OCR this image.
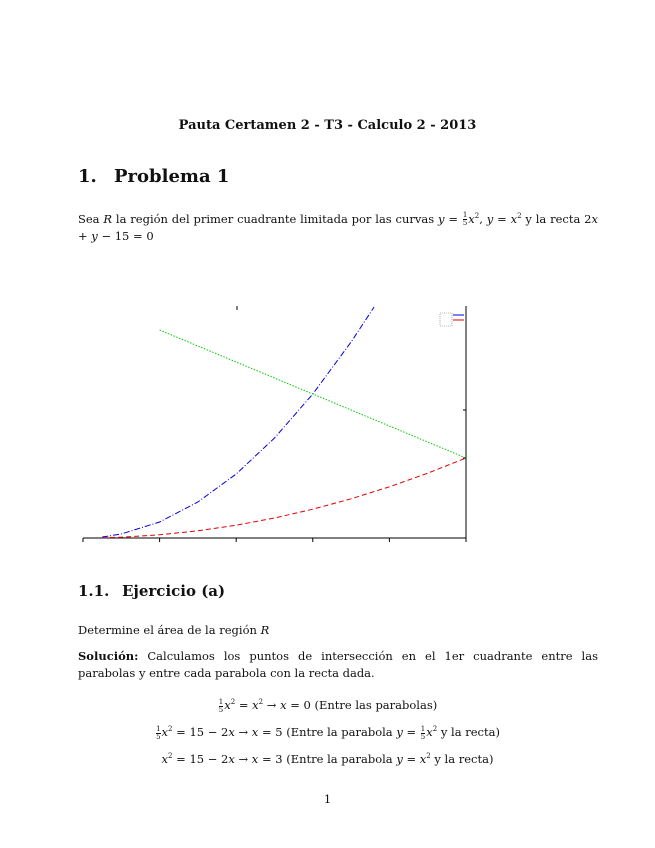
Pauta Certamen 2 - T3 - Calculo 2 - 2013
1. Problema 1
Sea R la región del primer cuadrante limitada por las curvas $y = \frac{1}{5} x^2$, $y = x^2$ y la recta 2x + y − 15 = 0
1.1. Ejercicio (a)
Determine el área de la región R
Solución: Calculamos los puntos de intersección en el 1er cuadrante entre las parabolas y entre cada parabola con la recta dada.
$\frac{1}{5} x^2 = x^2 \to x = 0$ (Entre las parabolas)
$\frac{1}{5} x^2 = 15 - 2x \to x = 5$ (Entre la parabola $y = \frac{1}{5} x^2$ y la recta)
$x^2 = 15 - 2x \to x = 3$ (Entre la parabola $y = x^2$ y la recta)
1
